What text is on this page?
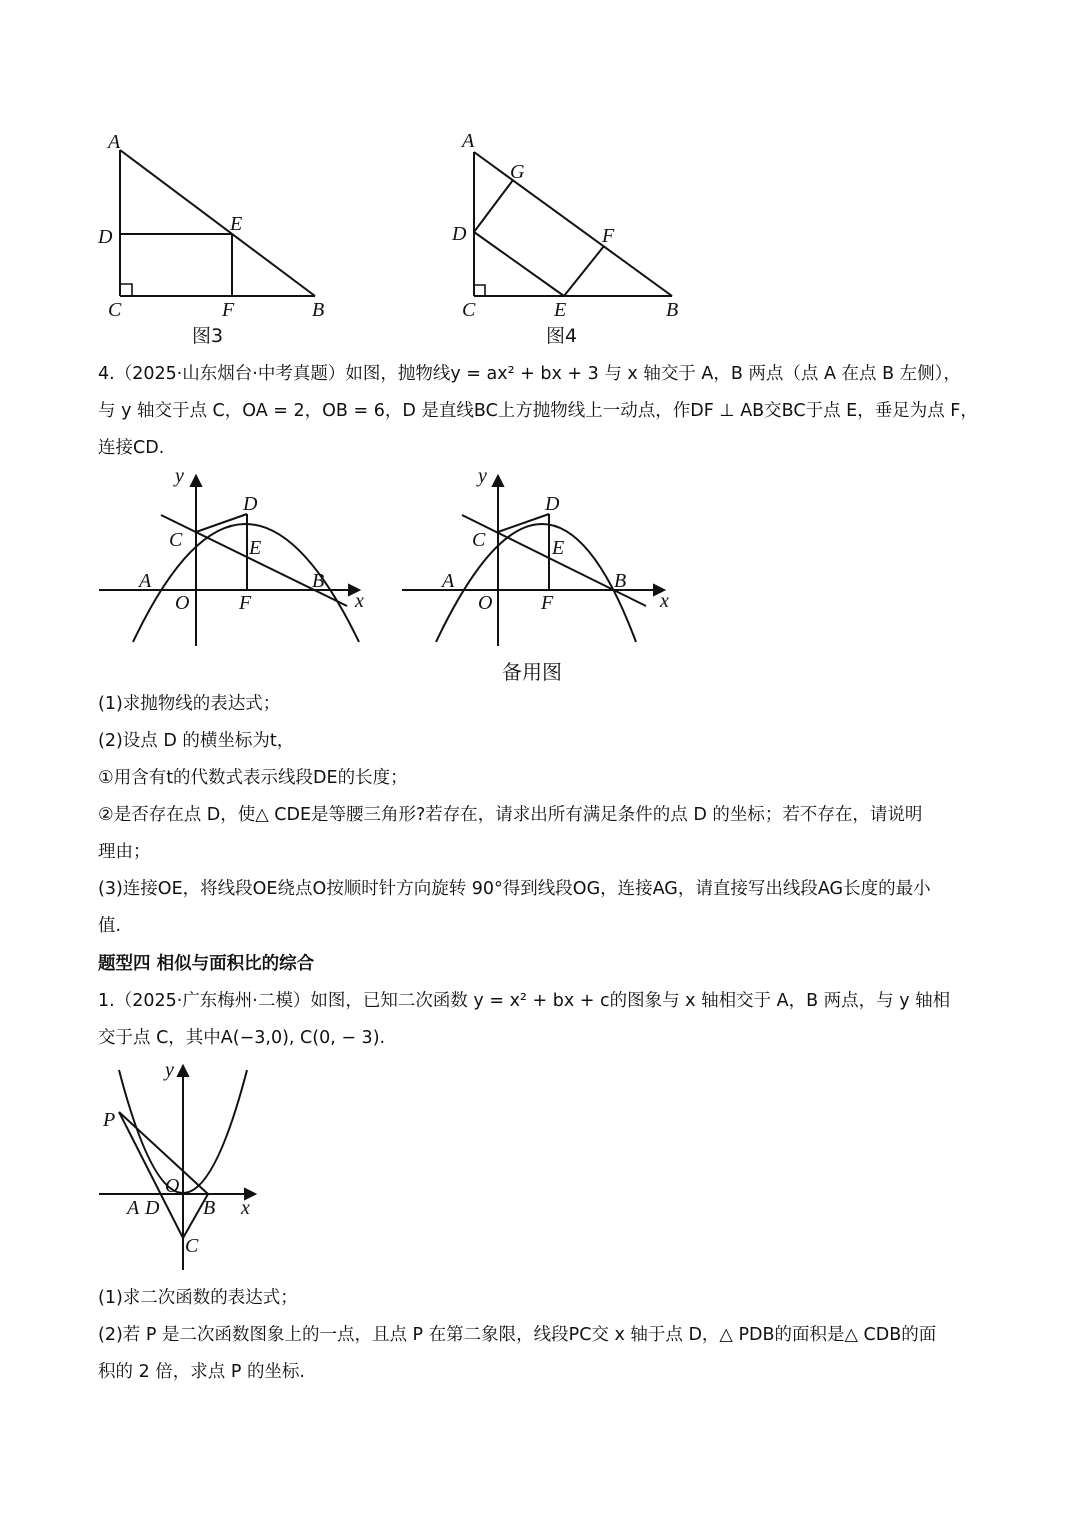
A
D
E
C	F	B
图3
A
G
D	F
C	E	B
图4
4.（2025·山东烟台·中考真题）如图，抛物线y = ax² + bx + 3 与 x 轴交于 A，B 两点（点 A 在点 B 左侧），
与 y 轴交于点 C，OA = 2，OB = 6，D 是直线BC上方抛物线上一动点，作DF ⊥ AB交BC于点 E，垂足为点 F，
连接CD.
y
D
C	E
A	B
O F	x
y
D
C	E
A	B
O F	x
备用图
(1)求抛物线的表达式；
(2)设点 D 的横坐标为t，
①用含有t的代数式表示线段DE的长度；
②是否存在点 D，使△ CDE是等腰三角形?若存在，请求出所有满足条件的点 D 的坐标；若不存在，请说明
理由；
(3)连接OE，将线段OE绕点O按顺时针方向旋转 90°得到线段OG，连接AG，请直接写出线段AG长度的最小
值.
题型四 相似与面积比的综合
1.（2025·广东梅州·二模）如图，已知二次函数 y = x² + bx + c的图象与 x 轴相交于 A，B 两点，与 y 轴相
交于点 C，其中A(−3,0), C(0, − 3).
y
P
O
A D B x
C
(1)求二次函数的表达式；
(2)若 P 是二次函数图象上的一点，且点 P 在第二象限，线段PC交 x 轴于点 D，△ PDB的面积是△ CDB的面
积的 2 倍，求点 P 的坐标.
